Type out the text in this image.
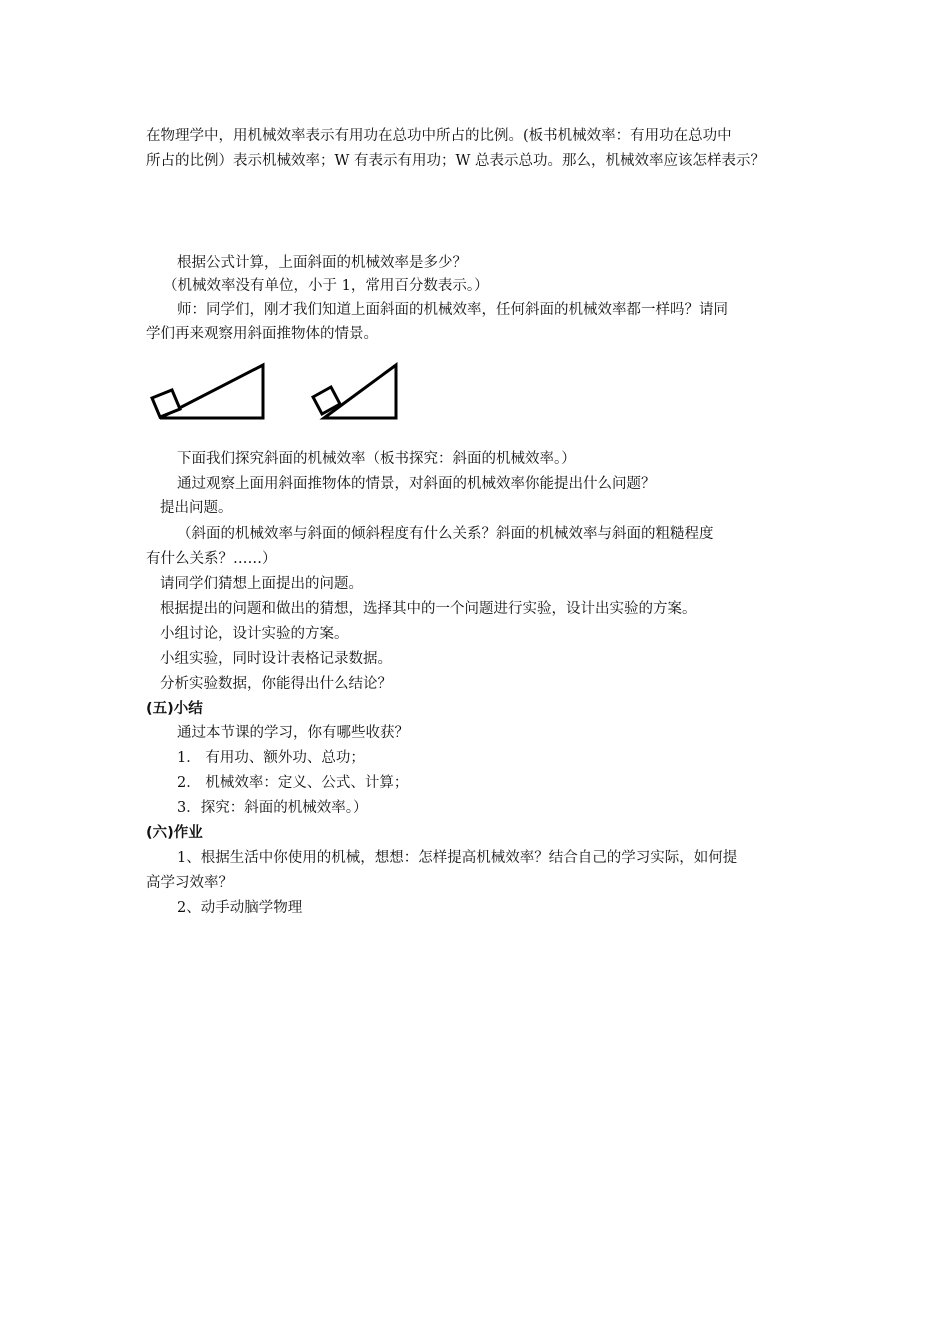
在物理学中，用机械效率表示有用功在总功中所占的比例。(板书机械效率：有用功在总功中
所占的比例）表示机械效率；W 有表示有用功；W 总表示总功。那么，机械效率应该怎样表示？
根据公式计算，上面斜面的机械效率是多少？
（机械效率没有单位，小于 1，常用百分数表示。）
师：同学们，刚才我们知道上面斜面的机械效率，任何斜面的机械效率都一样吗？请同
学们再来观察用斜面推物体的情景。
下面我们探究斜面的机械效率（板书探究：斜面的机械效率。）
通过观察上面用斜面推物体的情景，对斜面的机械效率你能提出什么问题？
提出问题。
（斜面的机械效率与斜面的倾斜程度有什么关系？斜面的机械效率与斜面的粗糙程度
有什么关系？……）
请同学们猜想上面提出的问题。
根据提出的问题和做出的猜想，选择其中的一个问题进行实验，设计出实验的方案。
小组讨论，设计实验的方案。
小组实验，同时设计表格记录数据。
分析实验数据，你能得出什么结论？
(五)小结
通过本节课的学习，你有哪些收获？
1． 有用功、额外功、总功；
2． 机械效率：定义、公式、计算；
3．探究：斜面的机械效率。）
(六)作业
1、根据生活中你使用的机械，想想：怎样提高机械效率？结合自己的学习实际，如何提
高学习效率？
2、动手动脑学物理
